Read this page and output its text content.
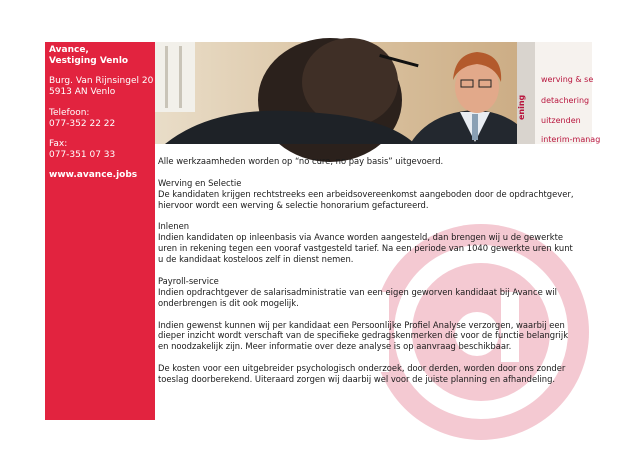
Avance,
Vestiging Venlo
Burg. Van Rijnsingel 20
5913 AN Venlo
Telefoon:
077-352 22 22
Fax:
077-351 07 33
www.avance.jobs
ening
werving & se
detachering
uitzenden
interim-manag

Alle werkzaamheden worden op “no cure, no pay basis” uitgevoerd.

Werving en Selectie
De kandidaten krijgen rechtstreeks een arbeidsovereenkomst aangeboden door de opdrachtgever,
hiervoor wordt een werving & selectie honorarium gefactureerd.

Inlenen
Indien kandidaten op inleenbasis via Avance worden aangesteld, dan brengen wij u de gewerkte
uren in rekening tegen een vooraf vastgesteld tarief. Na een periode van 1040 gewerkte uren kunt
u de kandidaat kosteloos zelf in dienst nemen.

Payroll-service
Indien opdrachtgever de salarisadministratie van een eigen geworven kandidaat bij Avance wil
onderbrengen is dit ook mogelijk.

Indien gewenst kunnen wij per kandidaat een Persoonlijke Profiel Analyse verzorgen, waarbij een
dieper inzicht wordt verschaft van de specifieke gedragskenmerken die voor de functie belangrijk
en noodzakelijk zijn. Meer informatie over deze analyse is op aanvraag beschikbaar.

De kosten voor een uitgebreider psychologisch onderzoek, door derden, worden door ons zonder
toeslag doorberekend. Uiteraard zorgen wij daarbij wel voor de juiste planning en afhandeling.
